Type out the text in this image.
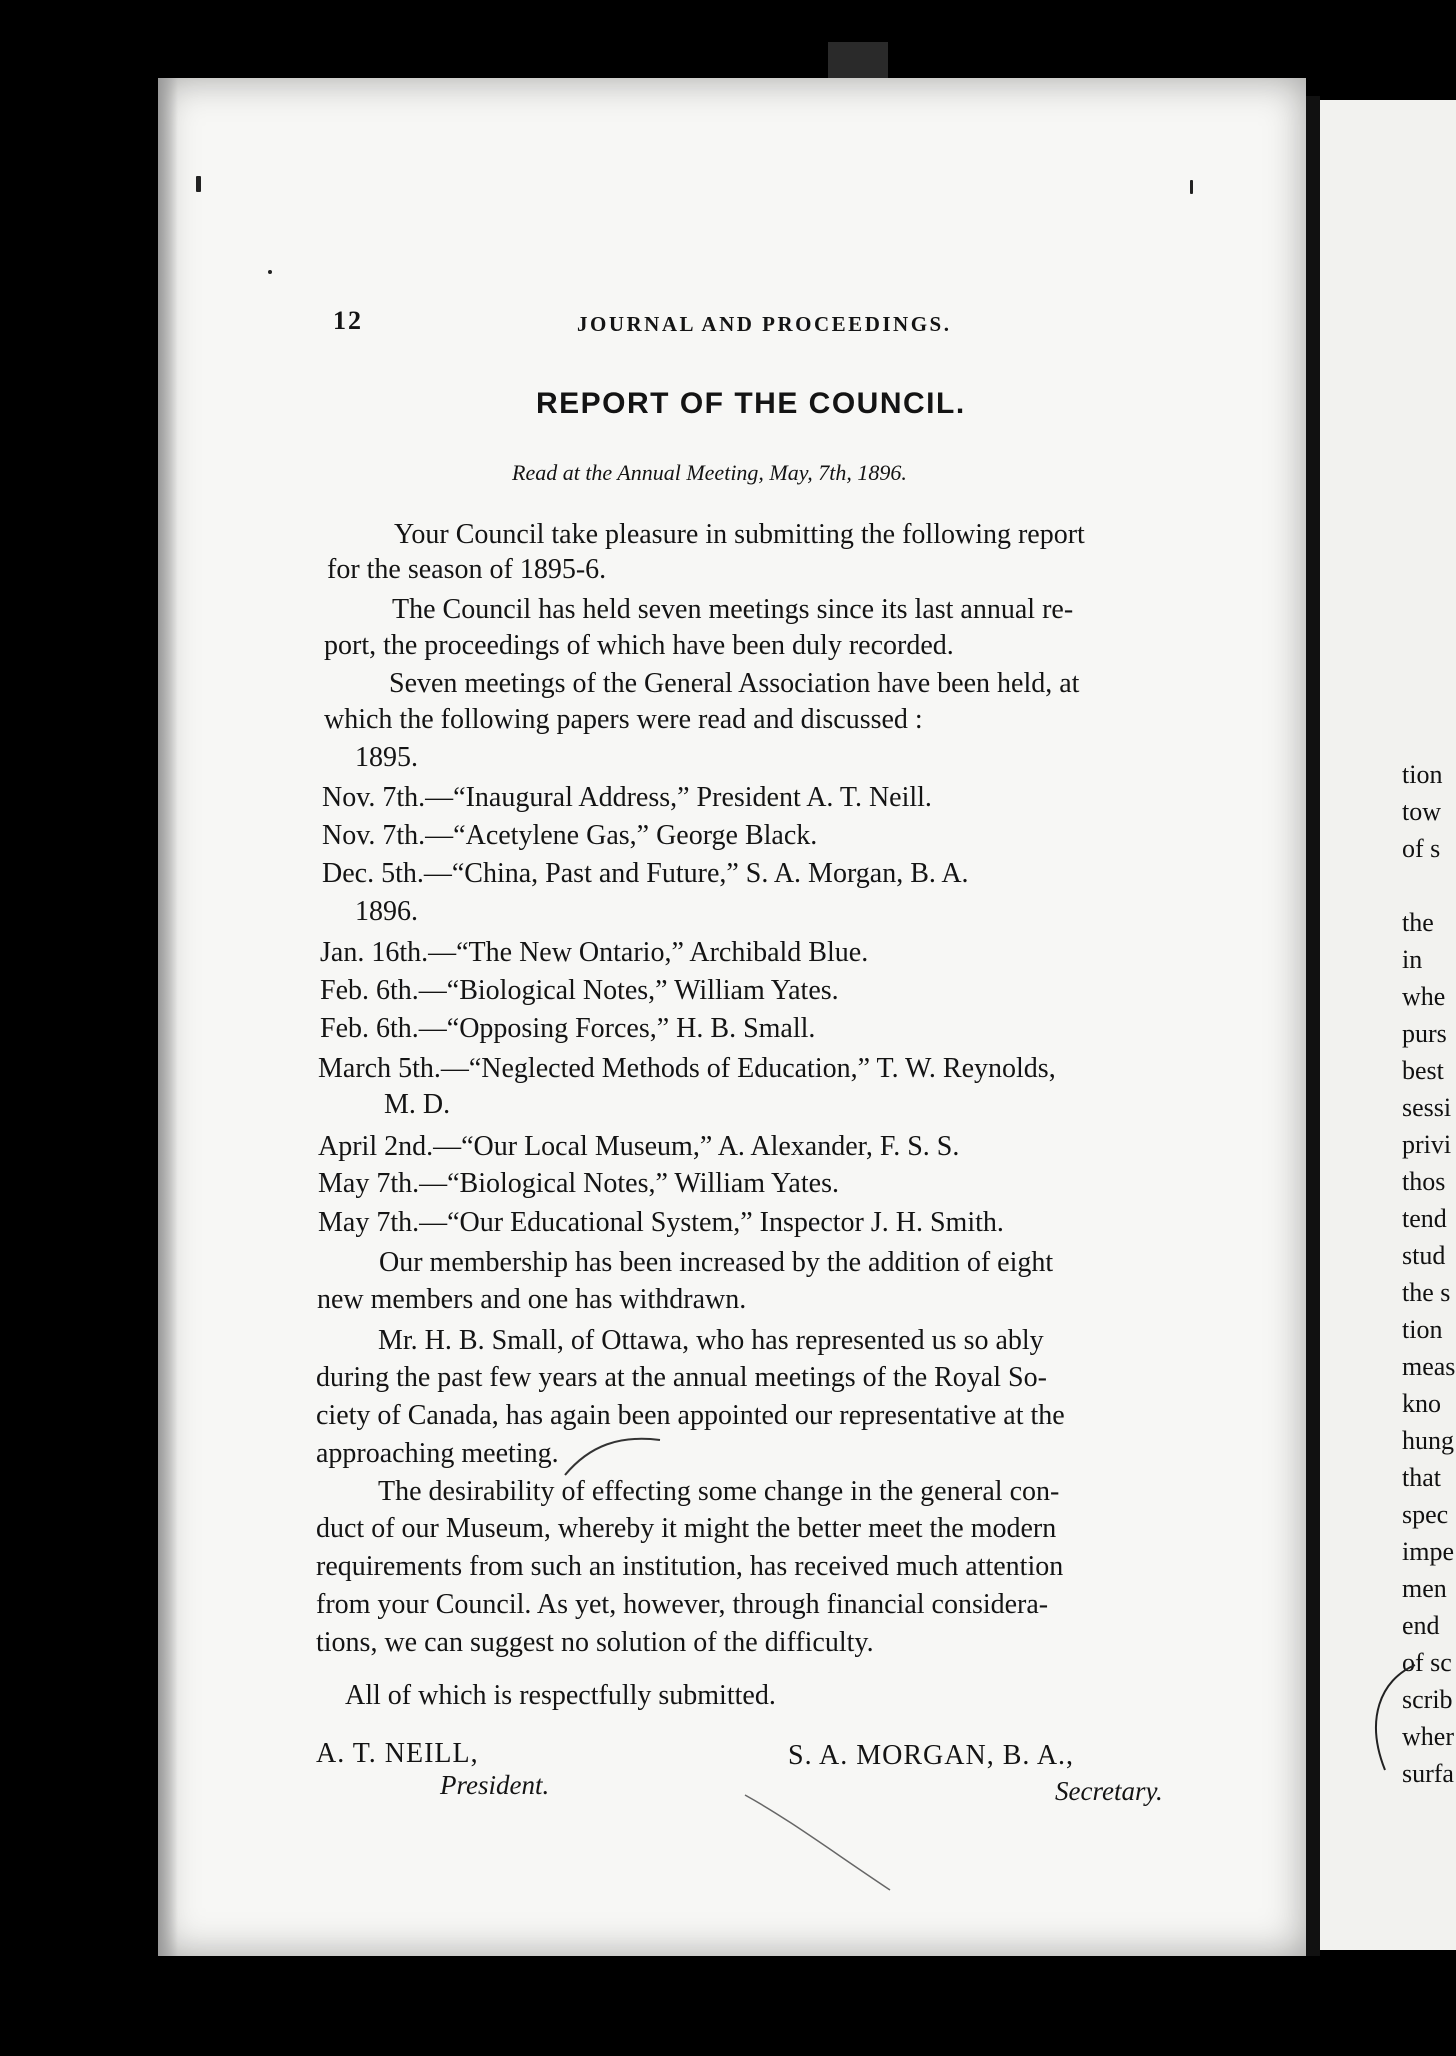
tion
tow
of s
the
in
whe
purs
best
sessi
privi
thos
tend
stud
the s
tion
meas
kno
hung
that
spec
impe
men
end
of sc
scrib
wher
surfa
12	JOURNAL AND PROCEEDINGS.
REPORT OF THE COUNCIL.
Read at the Annual Meeting, May, 7th, 1896.
Your Council take pleasure in submitting the following report
for the season of 1895-6.
The Council has held seven meetings since its last annual re-
port, the proceedings of which have been duly recorded.
Seven meetings of the General Association have been held, at
which the following papers were read and discussed :
1895.
Nov. 7th.—“Inaugural Address,” President A. T. Neill.
Nov. 7th.—“Acetylene Gas,” George Black.
Dec. 5th.—“China, Past and Future,” S. A. Morgan, B. A.
1896.
Jan. 16th.—“The New Ontario,” Archibald Blue.
Feb. 6th.—“Biological Notes,” William Yates.
Feb. 6th.—“Opposing Forces,” H. B. Small.
March 5th.—“Neglected Methods of Education,” T. W. Reynolds,
M. D.
April 2nd.—“Our Local Museum,” A. Alexander, F. S. S.
May 7th.—“Biological Notes,” William Yates.
May 7th.—“Our Educational System,” Inspector J. H. Smith.
Our membership has been increased by the addition of eight
new members and one has withdrawn.
Mr. H. B. Small, of Ottawa, who has represented us so ably
during the past few years at the annual meetings of the Royal So-
ciety of Canada, has again been appointed our representative at the
approaching meeting.
The desirability of effecting some change in the general con-
duct of our Museum, whereby it might the better meet the modern
requirements from such an institution, has received much attention
from your Council. As yet, however, through financial considera-
tions, we can suggest no solution of the difficulty.
All of which is respectfully submitted.
A. T. NEILL,
President.
S. A. MORGAN, B. A.,
Secretary.
